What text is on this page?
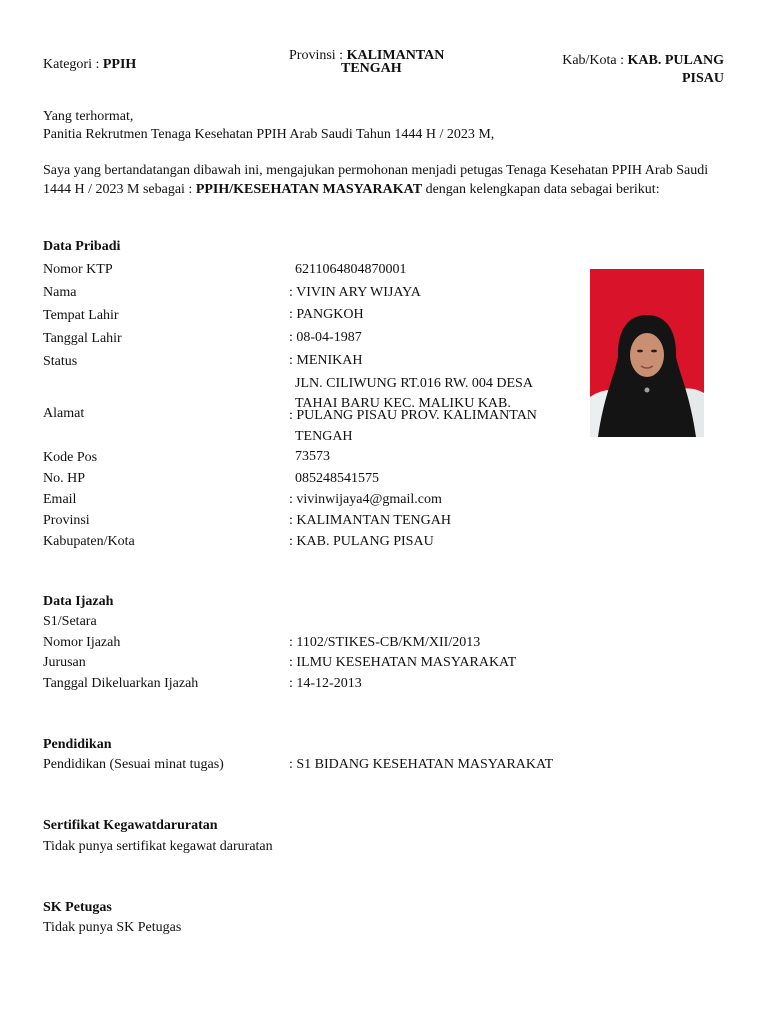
Kategori : PPIH
Provinsi : KALIMANTAN
TENGAH
Kab/Kota : KAB. PULANG
PISAU
Yang terhormat,
Panitia Rekrutmen Tenaga Kesehatan PPIH Arab Saudi Tahun 1444 H / 2023 M,
Saya yang bertandatangan dibawah ini, mengajukan permohonan menjadi petugas Tenaga Kesehatan PPIH Arab Saudi 1444 H / 2023 M sebagai : PPIH/KESEHATAN MASYARAKAT dengan kelengkapan data sebagai berikut:
Data Pribadi
Nomor KTP	6211064804870001
Nama	: VIVIN ARY WIJAYA
Tempat Lahir	: PANGKOH
Tanggal Lahir	: 08-04-1987
Status	: MENIKAH
JLN. CILIWUNG RT.016 RW. 004 DESA
TAHAI BARU KEC. MALIKU KAB.
Alamat	: PULANG PISAU PROV. KALIMANTAN
TENGAH
Kode Pos	73573
No. HP	085248541575
Email	: vivinwijaya4@gmail.com
Provinsi	: KALIMANTAN TENGAH
Kabupaten/Kota	: KAB. PULANG PISAU
Data Ijazah
S1/Setara
Nomor Ijazah	: 1102/STIKES-CB/KM/XII/2013
Jurusan	: ILMU KESEHATAN MASYARAKAT
Tanggal Dikeluarkan Ijazah	: 14-12-2013
Pendidikan
Pendidikan (Sesuai minat tugas)	: S1 BIDANG KESEHATAN MASYARAKAT
Sertifikat Kegawatdaruratan
Tidak punya sertifikat kegawat daruratan
SK Petugas
Tidak punya SK Petugas
